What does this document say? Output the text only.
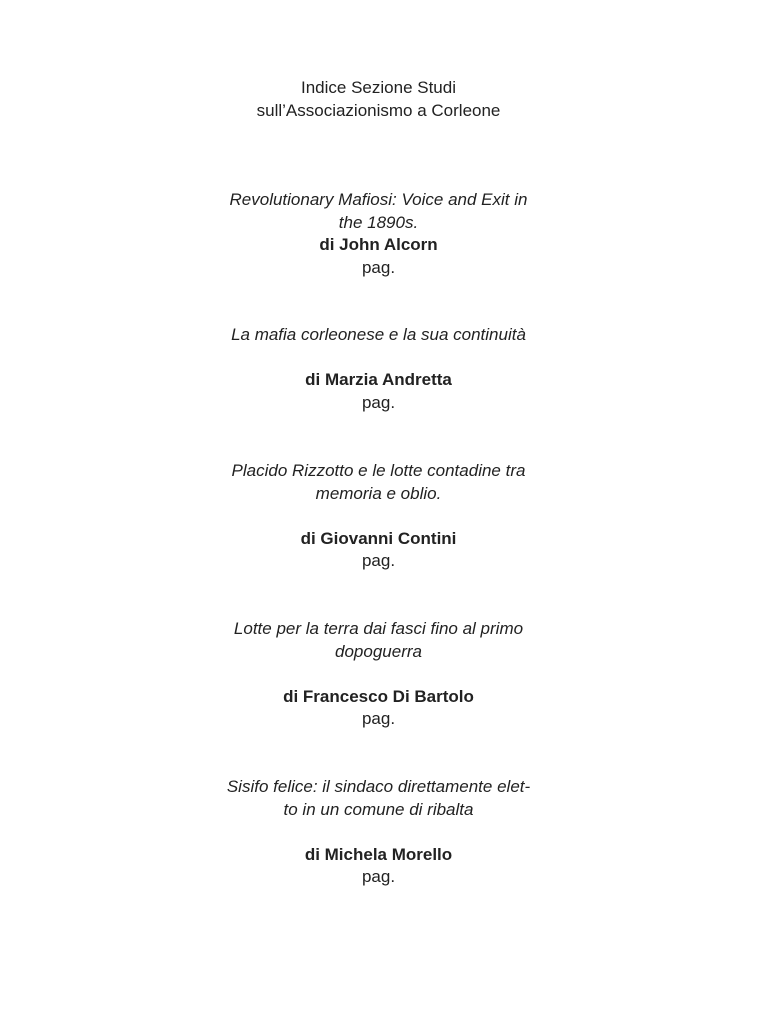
Indice Sezione Studi
sull’Associazionismo a Corleone
Revolutionary Mafiosi: Voice and Exit in
the 1890s.
di John Alcorn
pag.
La mafia corleonese e la sua continuità
di Marzia Andretta
pag.
Placido Rizzotto e le lotte contadine tra
memoria e oblio.
di Giovanni Contini
pag.
Lotte per la terra dai fasci fino al primo
dopoguerra
di Francesco Di Bartolo
pag.
Sisifo felice: il sindaco direttamente elet-
to in un comune di ribalta
di Michela Morello
pag.
